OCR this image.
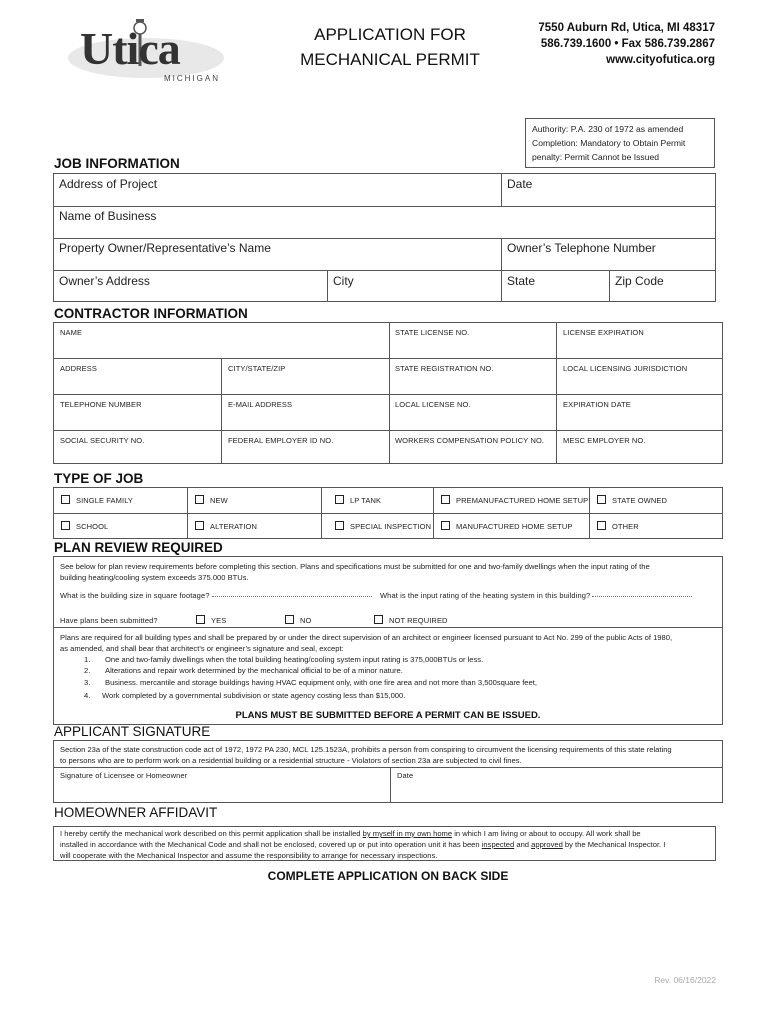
Utica
MICHIGAN
APPLICATION FOR
MECHANICAL PERMIT
7550 Auburn Rd, Utica, MI 48317
586.739.1600 • Fax 586.739.2867
www.cityofutica.org
Authority: P.A. 230 of 1972 as amended
Completion: Mandatory to Obtain Permit
penalty: Permit Cannot be Issued
JOB INFORMATION
Address of Project	Date
Name of Business
Property Owner/Representative’s Name	Owner’s Telephone Number
Owner’s Address	City	State	Zip Code
CONTRACTOR INFORMATION
NAME	STATE LICENSE NO.	LICENSE EXPIRATION
ADDRESS	CITY/STATE/ZIP	STATE REGISTRATION NO.	LOCAL LICENSING JURISDICTION
TELEPHONE NUMBER	E-MAIL ADDRESS	LOCAL LICENSE NO.	EXPIRATION DATE
SOCIAL SECURITY NO.	FEDERAL EMPLOYER ID NO.	WORKERS COMPENSATION POLICY NO.	MESC EMPLOYER NO.
TYPE OF JOB
SINGLE FAMILY	NEW	LP TANK	PREMANUFACTURED HOME SETUP	STATE OWNED
SCHOOL	ALTERATION	SPECIAL INSPECTION	MANUFACTURED HOME SETUP	OTHER
PLAN REVIEW REQUIRED
See below for plan review requirements before completing this section. Plans and specifications must be submitted for one and two-family dwellings when the input rating of the
building heating/cooling system exceeds 375.000 BTUs.
What is the building size in square footage?	What is the input rating of the heating system in this building?
Have plans been submitted?	YES	NO	NOT REQUIRED
Plans are required for all building types and shall be prepared by or under the direct supervision of an architect or engineer licensed pursuant to Act No. 299 of the public Acts of 1980,
as amended, and shall bear that architect’s or engineer’s signature and seal, except:
1. One and two-family dwellings when the total building heating/cooling system input rating is 375,000BTUs or less.
2. Alterations and repair work determined by the mechanical official to be of a minor nature.
3. Business. mercantile and storage buildings having HVAC equipment only, with one fire area and not more than 3,500square feet,
4. Work completed by a governmental subdivision or state agency costing less than $15,000.
PLANS MUST BE SUBMITTED BEFORE A PERMIT CAN BE ISSUED.
APPLICANT SIGNATURE
Section 23a of the state construction code act of 1972, 1972 PA 230, MCL 125.1523A, prohibits a person from conspiring to circumvent the licensing requirements of this state relating
to persons who are to perform work on a residential building or a residential structure - Violators of section 23a are subjected to civil fines.
Signature of Licensee or Homeowner	Date
HOMEOWNER AFFIDAVIT
I hereby certify the mechanical work described on this permit application shall be installed by myself in my own home in which I am living or about to occupy. All work shall be
installed in accordance with the Mechanical Code and shall not be enclosed, covered up or put into operation unit it has been inspected and approved by the Mechanical Inspector. I
will cooperate with the Mechanical Inspector and assume the responsibility to arrange for necessary inspections.
COMPLETE APPLICATION ON BACK SIDE
Rev. 06/16/2022
